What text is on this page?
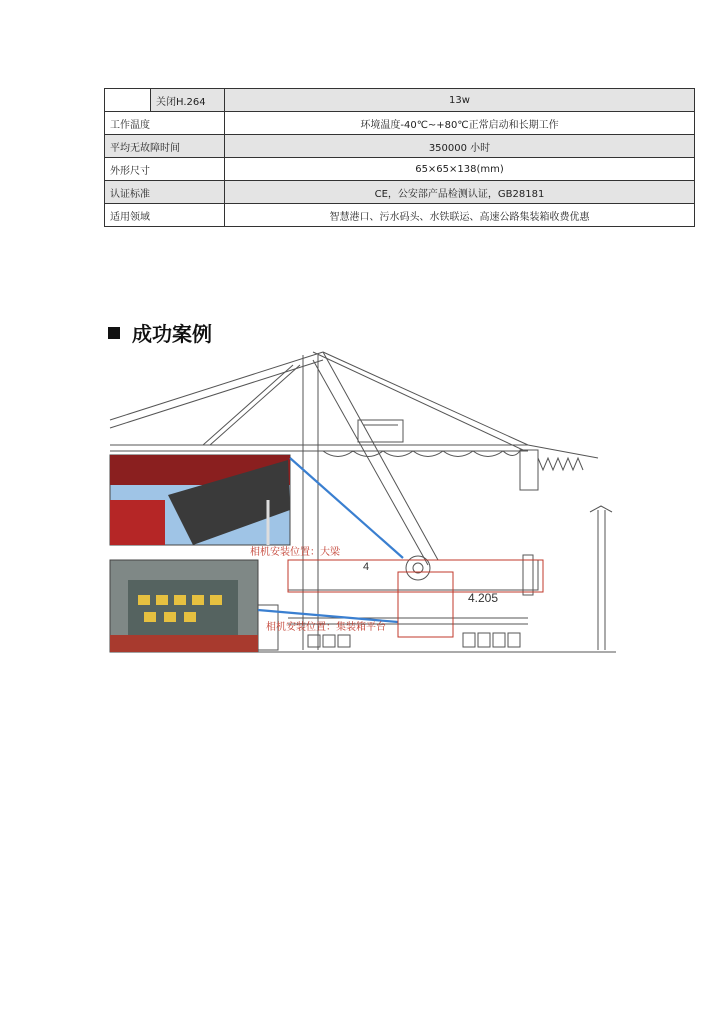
	关闭H.264	13w
工作温度		环境温度-40℃~+80℃正常启动和长期工作
平均无故障时间		350000 小时
外形尺寸		65×65×138(mm)
认证标准		CE，公安部产品检测认证，GB28181
适用领域		智慧港口、污水码头、水铁联运、高速公路集装箱收费优惠
成功案例
4
4.205
相机安装位置：大梁
相机安装位置：集装箱平台
